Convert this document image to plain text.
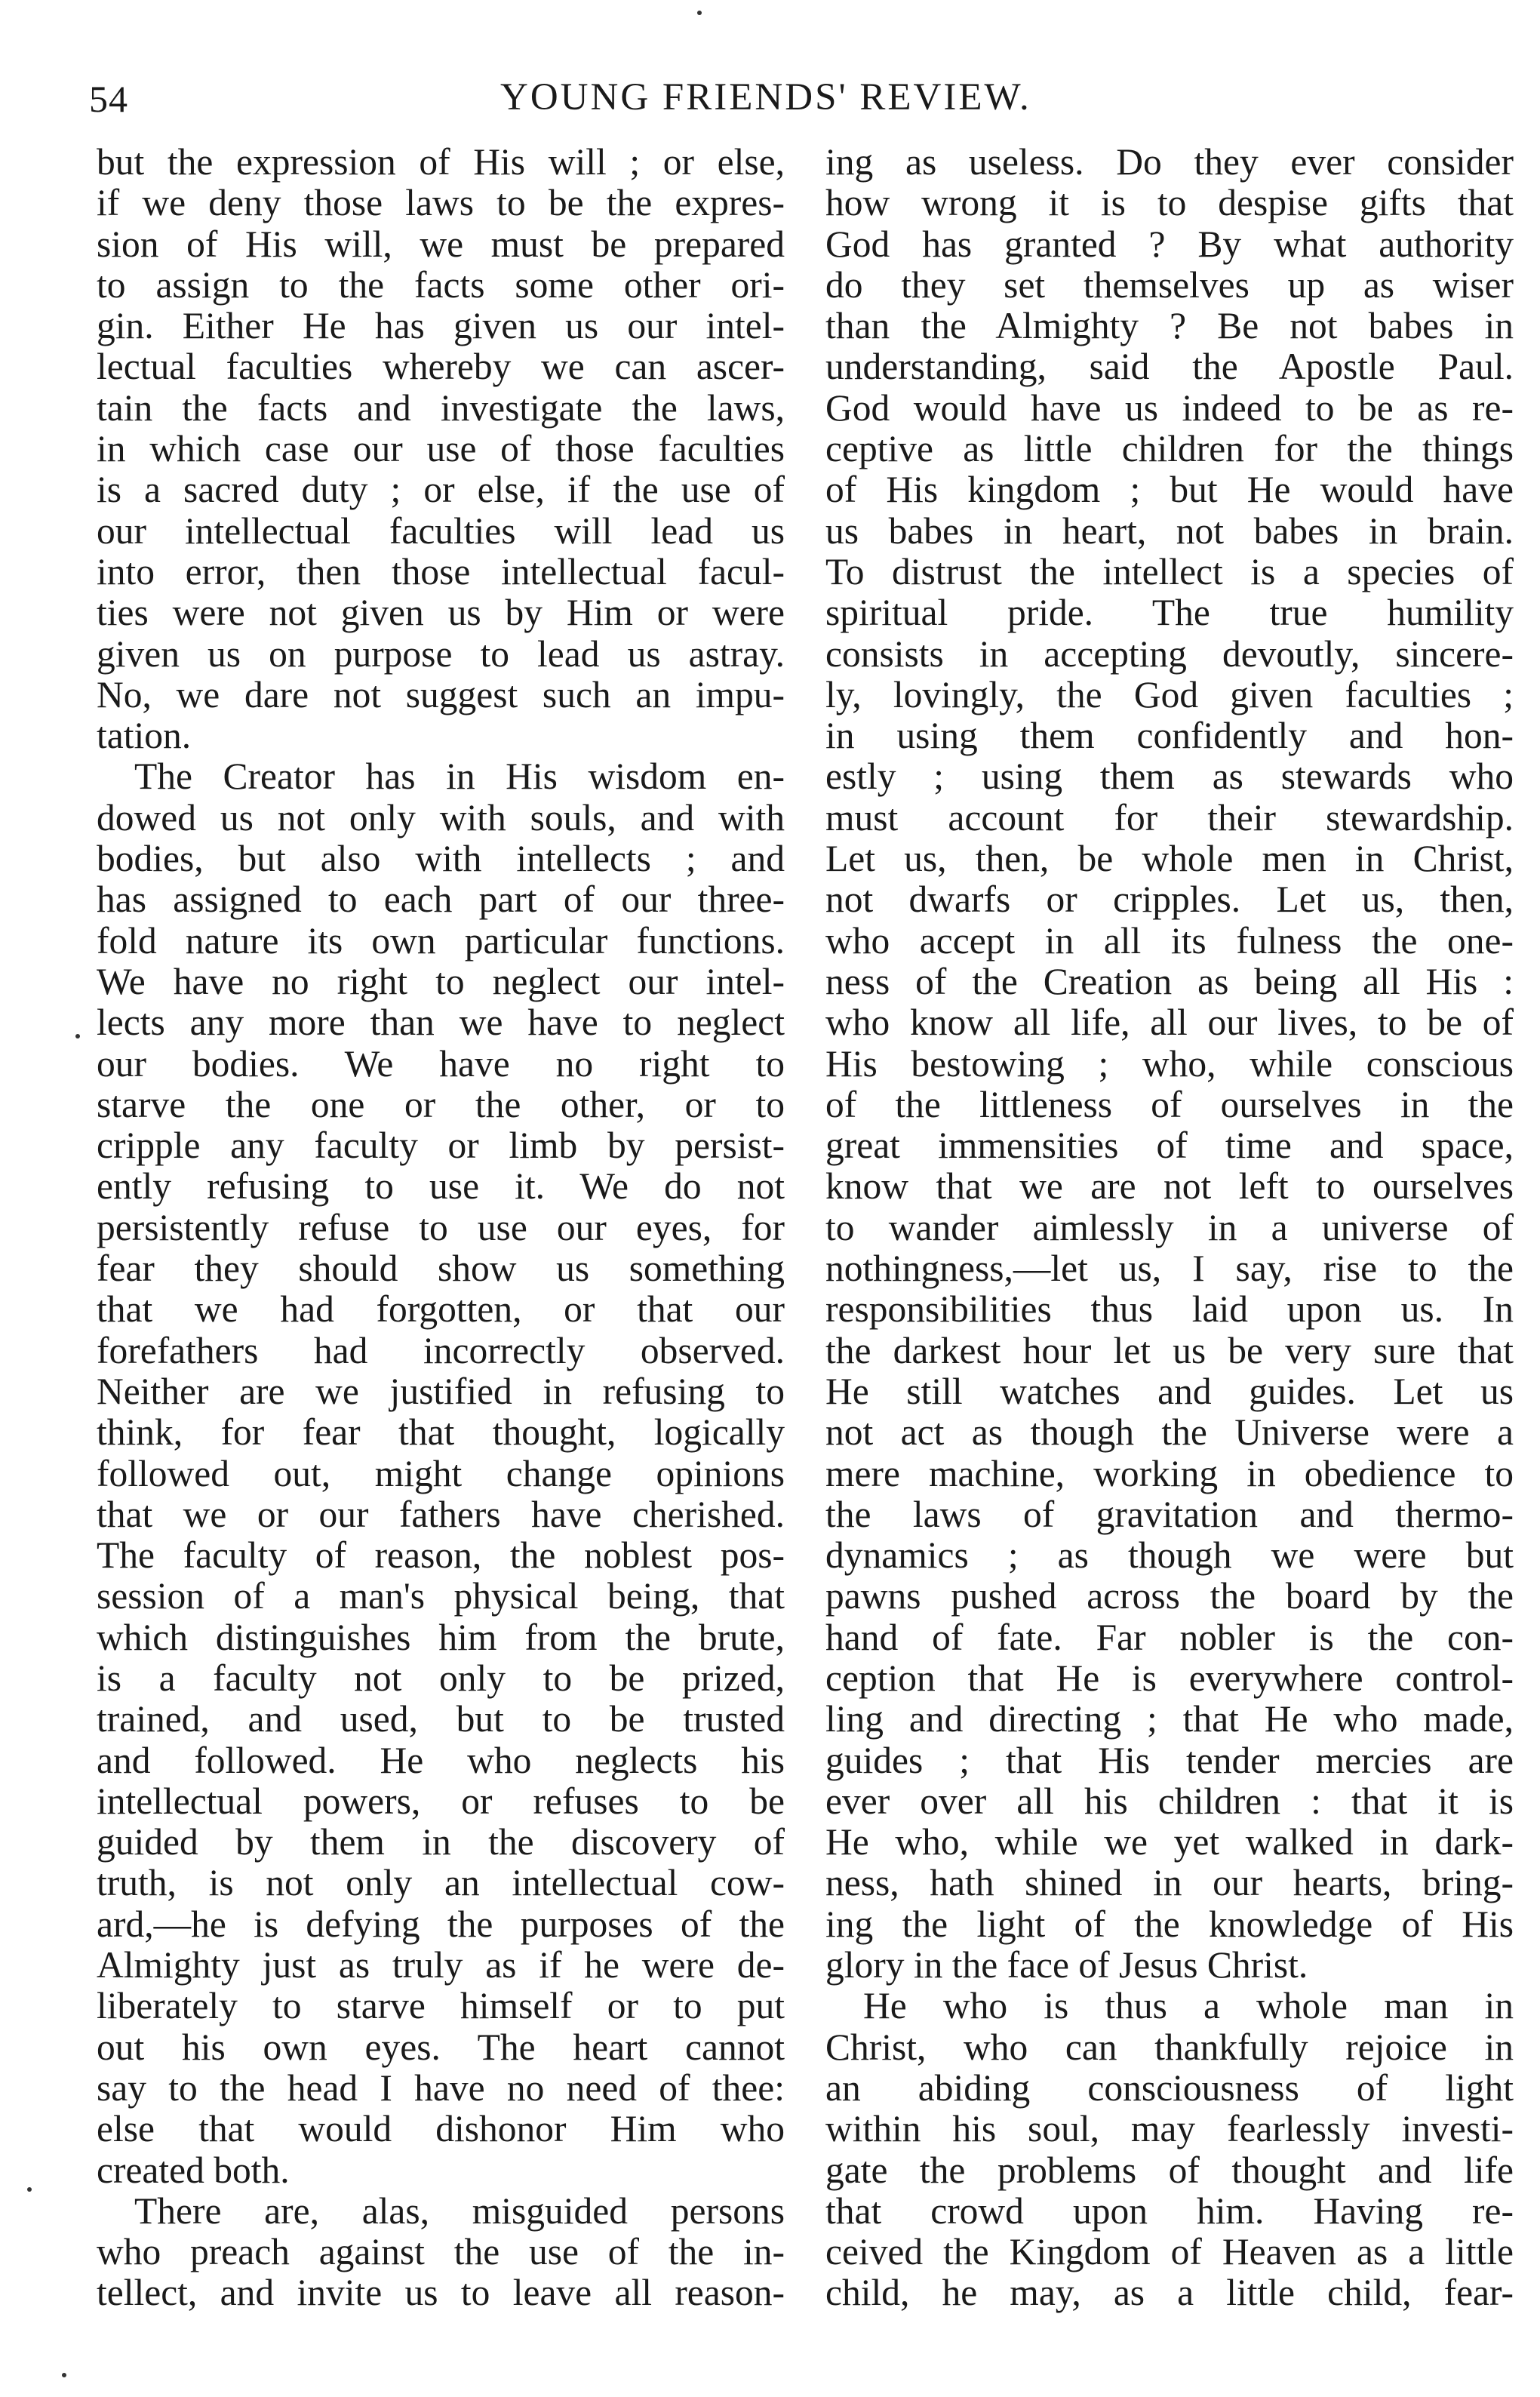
54	YOUNG FRIENDS' REVIEW.
but the expression of His will ; or else,
if we deny those laws to be the expres-
sion of His will, we must be prepared
to assign to the facts some other ori-
gin. Either He has given us our intel-
lectual faculties whereby we can ascer-
tain the facts and investigate the laws,
in which case our use of those faculties
is a sacred duty ; or else, if the use of
our intellectual faculties will lead us
into error, then those intellectual facul-
ties were not given us by Him or were
given us on purpose to lead us astray.
No, we dare not suggest such an impu-
tation.
The Creator has in His wisdom en-
dowed us not only with souls, and with
bodies, but also with intellects ; and
has assigned to each part of our three-
fold nature its own particular functions.
We have no right to neglect our intel-
lects any more than we have to neglect
our bodies. We have no right to
starve the one or the other, or to
cripple any faculty or limb by persist-
ently refusing to use it. We do not
persistently refuse to use our eyes, for
fear they should show us something
that we had forgotten, or that our
forefathers had incorrectly observed.
Neither are we justified in refusing to
think, for fear that thought, logically
followed out, might change opinions
that we or our fathers have cherished.
The faculty of reason, the noblest pos-
session of a man's physical being, that
which distinguishes him from the brute,
is a faculty not only to be prized,
trained, and used, but to be trusted
and followed. He who neglects his
intellectual powers, or refuses to be
guided by them in the discovery of
truth, is not only an intellectual cow-
ard,—he is defying the purposes of the
Almighty just as truly as if he were de-
liberately to starve himself or to put
out his own eyes. The heart cannot
say to the head I have no need of thee:
else that would dishonor Him who
created both.
There are, alas, misguided persons
who preach against the use of the in-
tellect, and invite us to leave all reason-
ing as useless. Do they ever consider
how wrong it is to despise gifts that
God has granted ? By what authority
do they set themselves up as wiser
than the Almighty ? Be not babes in
understanding, said the Apostle Paul.
God would have us indeed to be as re-
ceptive as little children for the things
of His kingdom ; but He would have
us babes in heart, not babes in brain.
To distrust the intellect is a species of
spiritual pride. The true humility
consists in accepting devoutly, sincere-
ly, lovingly, the God given faculties ;
in using them confidently and hon-
estly ; using them as stewards who
must account for their stewardship.
Let us, then, be whole men in Christ,
not dwarfs or cripples. Let us, then,
who accept in all its fulness the one-
ness of the Creation as being all His :
who know all life, all our lives, to be of
His bestowing ; who, while conscious
of the littleness of ourselves in the
great immensities of time and space,
know that we are not left to ourselves
to wander aimlessly in a universe of
nothingness,—let us, I say, rise to the
responsibilities thus laid upon us. In
the darkest hour let us be very sure that
He still watches and guides. Let us
not act as though the Universe were a
mere machine, working in obedience to
the laws of gravitation and thermo-
dynamics ; as though we were but
pawns pushed across the board by the
hand of fate. Far nobler is the con-
ception that He is everywhere control-
ling and directing ; that He who made,
guides ; that His tender mercies are
ever over all his children : that it is
He who, while we yet walked in dark-
ness, hath shined in our hearts, bring-
ing the light of the knowledge of His
glory in the face of Jesus Christ.
He who is thus a whole man in
Christ, who can thankfully rejoice in
an abiding consciousness of light
within his soul, may fearlessly investi-
gate the problems of thought and life
that crowd upon him. Having re-
ceived the Kingdom of Heaven as a little
child, he may, as a little child, fear-
